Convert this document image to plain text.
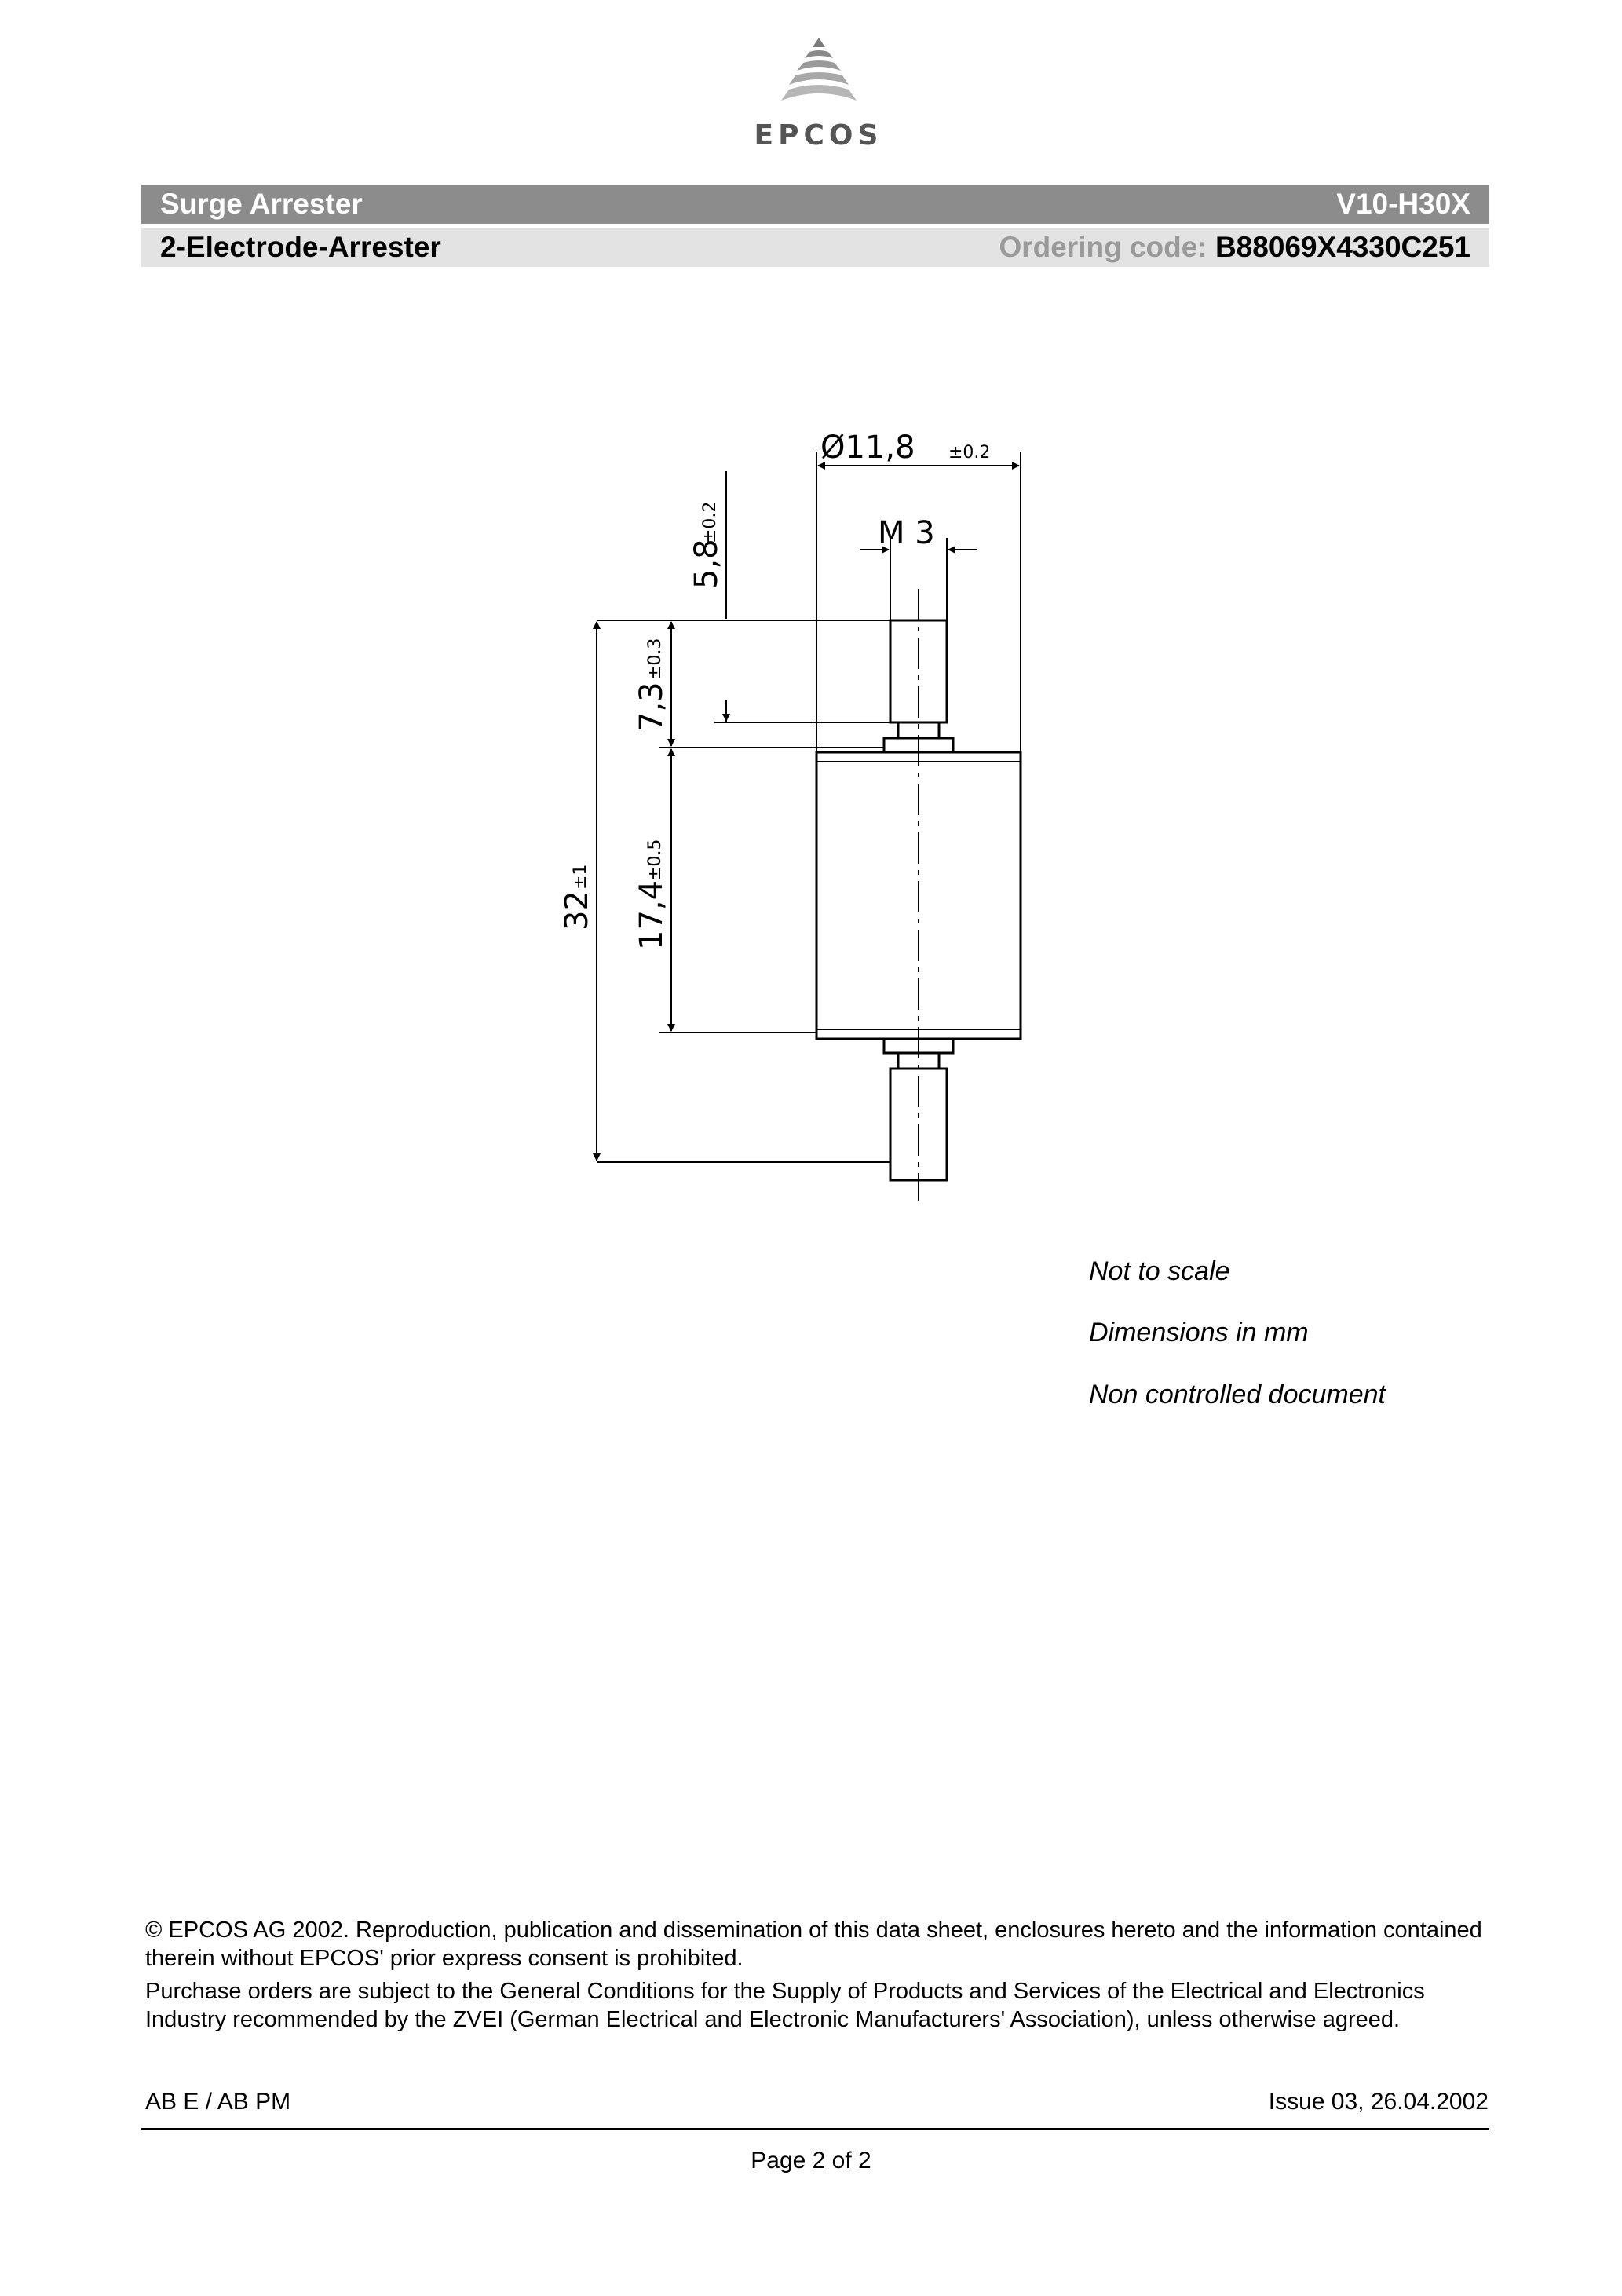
EPCOS
Surge Arrester	V10-H30X
2-Electrode-Arrester	Ordering code: B88069X4330C251
Ø11,8 ±0.2
M 3
5,8
±0.2
7,3
±0.3
17,4
±0.5
32
±1
Not to scale
Dimensions in mm
Non controlled document
© EPCOS AG 2002. Reproduction, publication and dissemination of this data sheet, enclosures hereto and the information contained therein without EPCOS' prior express consent is prohibited.
Purchase orders are subject to the General Conditions for the Supply of Products and Services of the Electrical and Electronics Industry recommended by the ZVEI (German Electrical and Electronic Manufacturers' Association), unless otherwise agreed.
AB E / AB PM	Issue 03, 26.04.2002
Page 2 of 2
